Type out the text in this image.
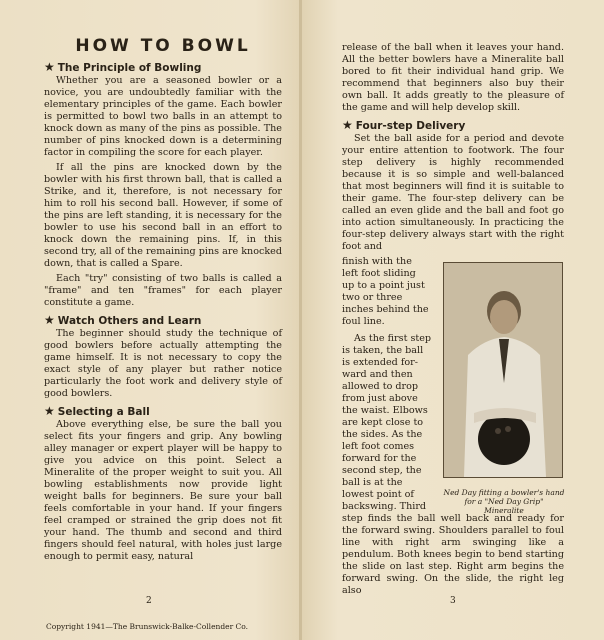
HOW TO BOWL
★ The Principle of Bowling

Whether you are a seasoned bowler or a novice, you are undoubtedly familiar with the elementary principles of the game. Each bowler is permitted to bowl two balls in an attempt to knock down as many of the pins as possible. The number of pins knocked down is a determining factor in compiling the score for each player.

If all the pins are knocked down by the bowler with his first thrown ball, that is called a Strike, and it, therefore, is not necessary for him to roll his second ball. However, if some of the pins are left standing, it is necessary for the bowler to use his second ball in an effort to knock down the remaining pins. If, in this second try, all of the remaining pins are knocked down, that is called a Spare.

Each "try" consisting of two balls is called a "frame" and ten "frames" for each player constitute a game.

★ Watch Others and Learn

The beginner should study the technique of good bowlers before actually attempting the game himself. It is not necessary to copy the exact style of any player but rather notice particularly the foot work and delivery style of good bowlers.

★ Selecting a Ball

Above everything else, be sure the ball you select fits your fingers and grip. Any bowling alley manager or expert player will be happy to give you advice on this point. Select a Mineralite of the proper weight to suit you. All bowling establishments now provide light weight balls for beginners. Be sure your ball feels comfortable in your hand. If your fingers feel cramped or strained the grip does not fit your hand. The thumb and second and third fingers should feel natural, with holes just large enough to permit easy, natural

2
Copyright 1941—The Brunswick-Balke-Collender Co.

release of the ball when it leaves your hand. All the better bowlers have a Mineralite ball bored to fit their individual hand grip. We recommend that beginners also buy their own ball. It adds greatly to the pleasure of the game and will help develop skill.

★ Four-step Delivery

Set the ball aside for a period and devote your entire attention to footwork. The four step delivery is highly recommended because it is so simple and well-balanced that most beginners will find it is suitable to their game. The four-step delivery can be called an even glide and the ball and foot go into action simultaneously. In practicing the four-step delivery always start with the right foot and

finish with the

left foot sliding

up to a point just

two or three

inches behind the

foul line.

As the first step

is taken, the ball

is extended for-

ward and then

allowed to drop

from just above

the waist. Elbows

are kept close to

the sides. As the

left foot comes

forward for the

second step, the

ball is at the

lowest point of

backswing. Third

step finds the ball well back and ready for the forward swing. Shoulders parallel to foul line with right arm swinging like a pendulum. Both knees begin to bend starting the slide on last step. Right arm begins the forward swing. On the slide, the right leg also

3
Ned Day fitting a bowler's hand
for a "Ned Day Grip"
Mineralite
